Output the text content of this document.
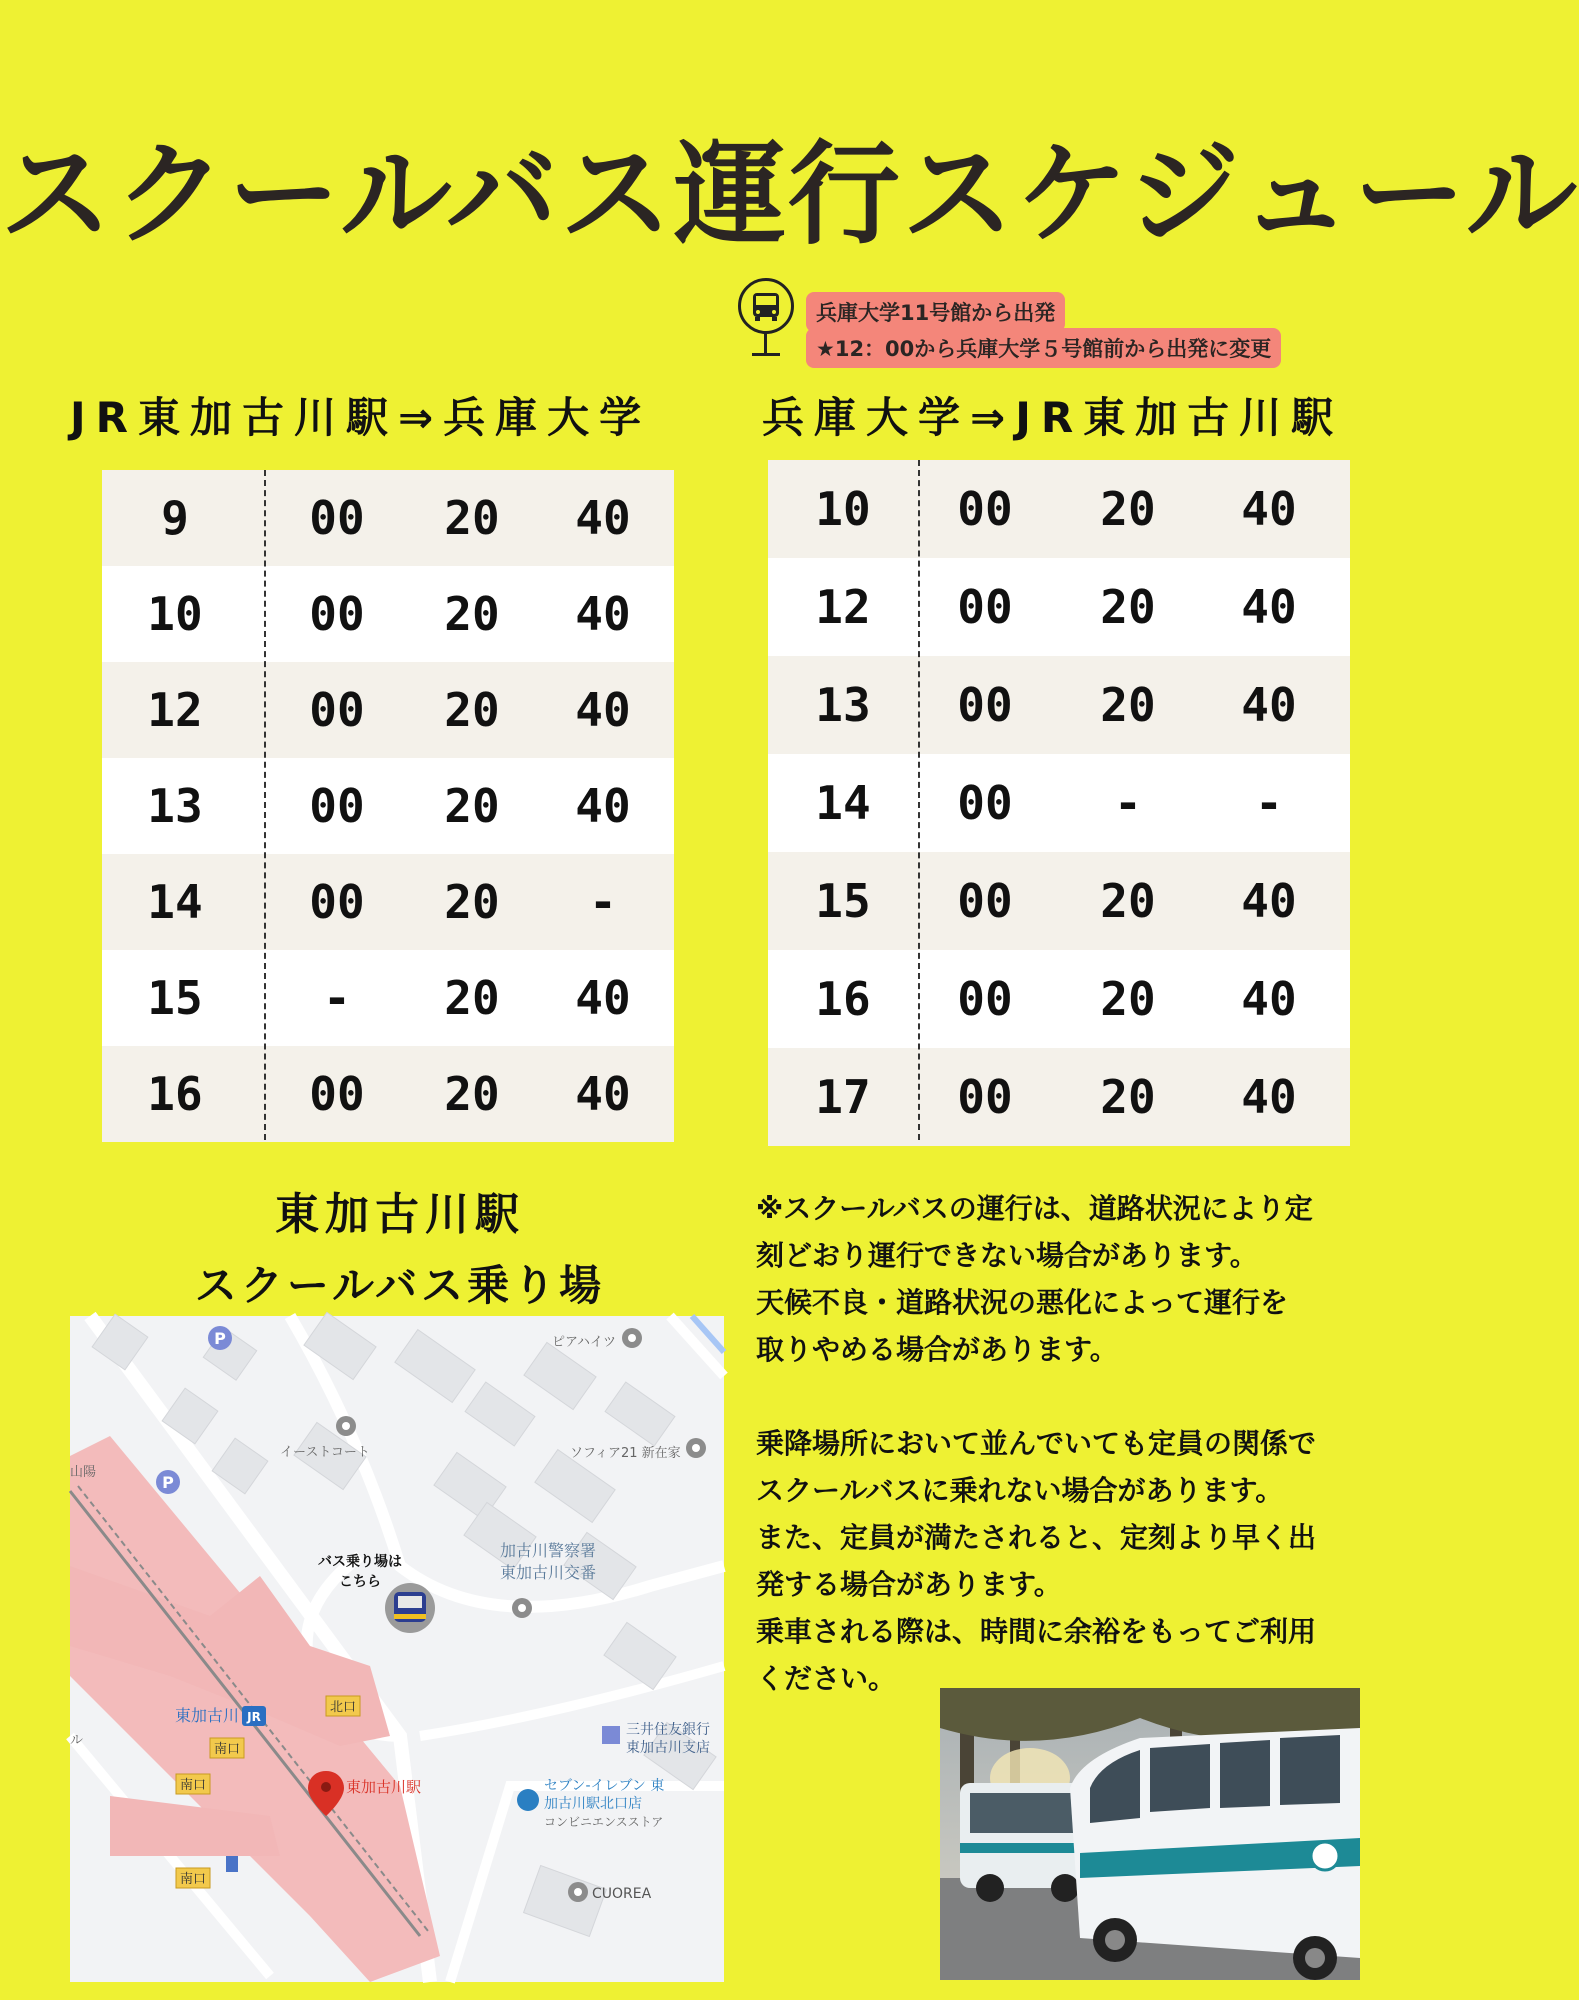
スクールバス運行スケジュール
兵庫大学11号館から出発
★12：00から兵庫大学５号館前から出発に変更
JR東加古川駅⇒兵庫大学	兵庫大学⇒JR東加古川駅
9	00	20	40
10	00	20	40
12	00	20	40
13	00	20	40
14	00	20	-
15	-	20	40
16	00	20	40
10	00	20	40
12	00	20	40
13	00	20	40
14	00	-	-
15	00	20	40
16	00	20	40
17	00	20	40
東加古川駅
スクールバス乗り場

※スクールバスの運行は、道路状況により定

刻どおり運行できない場合があります。

天候不良・道路状況の悪化によって運行を

取りやめる場合があります。

乗降場所において並んでいても定員の関係で

スクールバスに乗れない場合があります。

また、定員が満たされると、定刻より早く出

発する場合があります。

乗車される際は、時間に余裕をもってご利用

ください。

P
P
ピアハイツ
イーストコート	ソフィア21 新在家
山陽
ル
バス乗り場は
こちら
加古川警察署
東加古川交番
東加古川 JR
北口
南口
南口
南口
東加古川駅
三井住友銀行
東加古川支店
セブン-イレブン 東
加古川駅北口店
コンビニエンスストア
CUOREA
